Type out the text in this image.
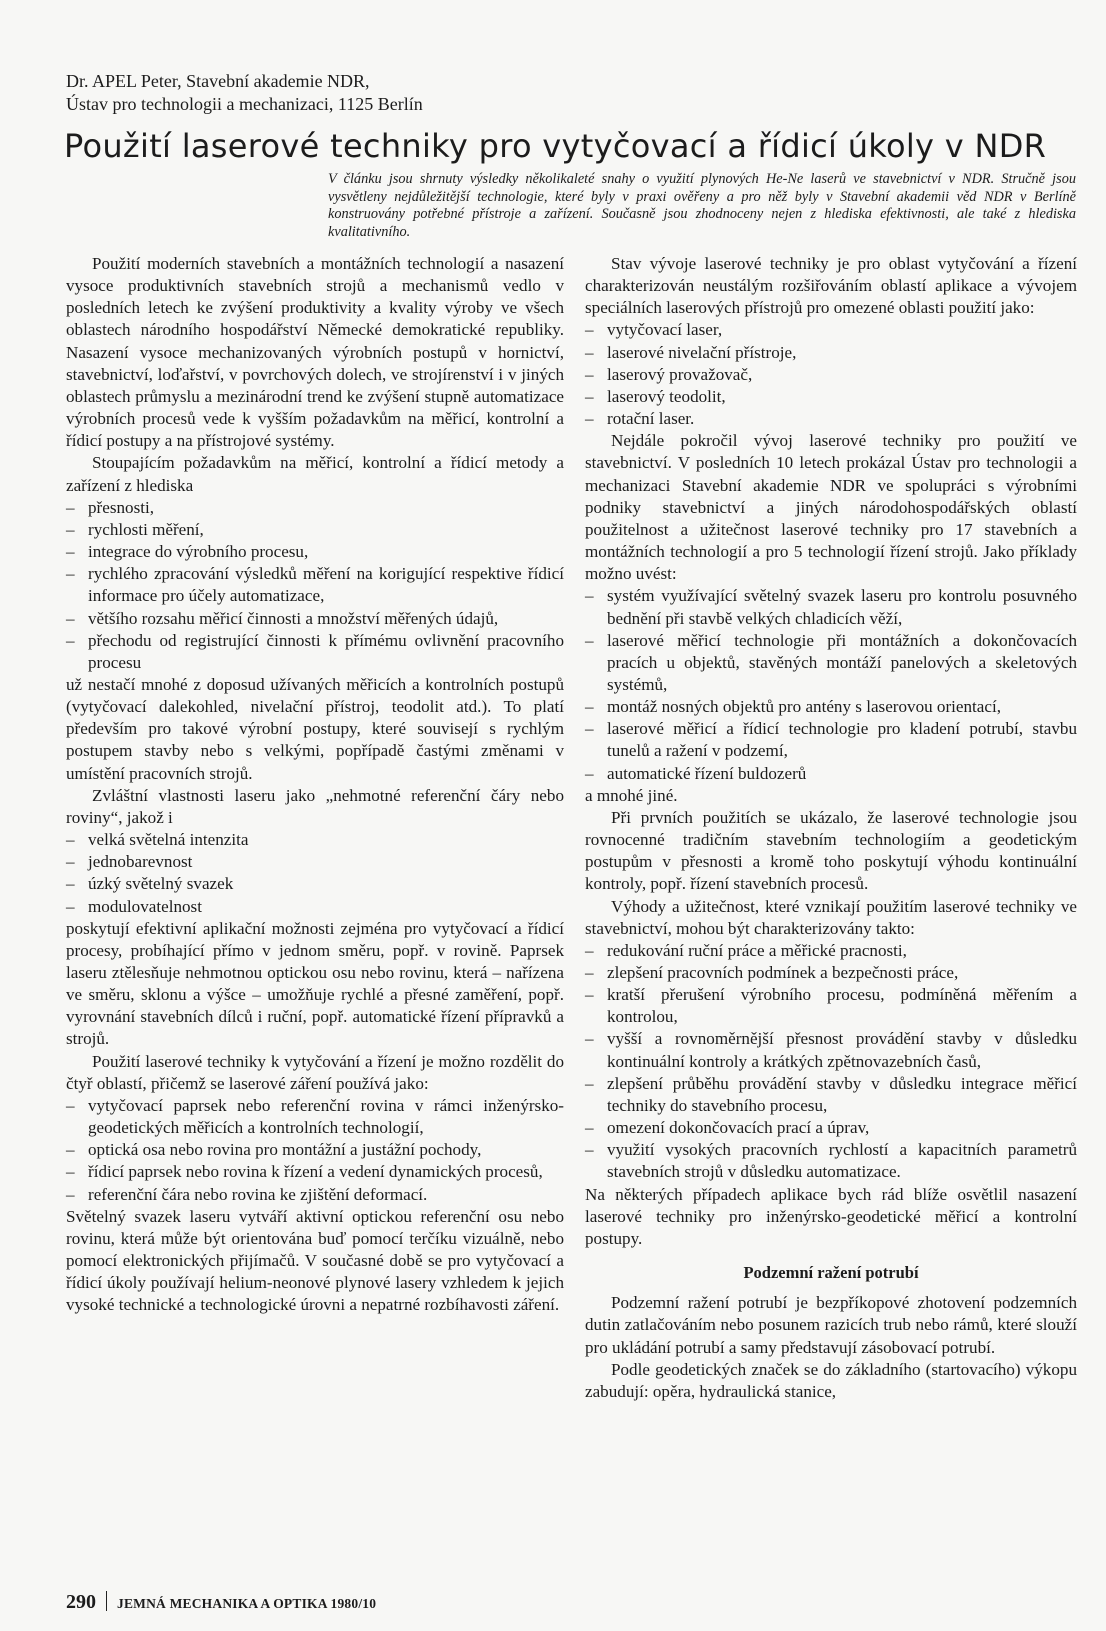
Dr. APEL Peter, Stavební akademie NDR,
Ústav pro technologii a mechanizaci, 1125 Berlín
Použití laserové techniky pro vytyčovací a řídicí úkoly v NDR
V článku jsou shrnuty výsledky několikaleté snahy o využití plynových He-Ne laserů ve stavebnictví v NDR. Stručně jsou vysvětleny nejdůležitější technologie, které byly v praxi ověřeny a pro něž byly v Stavební akademii věd NDR v Berlíně konstruovány potřebné přístroje a zařízení. Současně jsou zhodnoceny nejen z hlediska efektivnosti, ale také z hlediska kvalitativního.

Použití moderních stavebních a montážních technologií a nasazení vysoce produktivních stavebních strojů a mechanismů vedlo v posledních letech ke zvýšení produktivity a kvality výroby ve všech oblastech národního hospodářství Německé demokratické republiky. Nasazení vysoce mechanizovaných výrobních postupů v hornictví, stavebnictví, loďařství, v povrchových dolech, ve strojírenství i v jiných oblastech průmyslu a mezinárodní trend ke zvýšení stupně automatizace výrobních procesů vede k vyšším požadavkům na měřicí, kontrolní a řídicí postupy a na přístrojové systémy.

Stoupajícím požadavkům na měřicí, kontrolní a řídicí metody a zařízení z hlediska

– přesnosti,
– rychlosti měření,
– integrace do výrobního procesu,
– rychlého zpracování výsledků měření na korigující respektive řídicí informace pro účely automatizace,
– většího rozsahu měřicí činnosti a množství měřených údajů,
– přechodu od registrující činnosti k přímému ovlivnění pracovního procesu

už nestačí mnohé z doposud užívaných měřicích a kontrolních postupů (vytyčovací dalekohled, nivelační přístroj, teodolit atd.). To platí především pro takové výrobní postupy, které souvisejí s rychlým postupem stavby nebo s velkými, popřípadě častými změnami v umístění pracovních strojů.

Zvláštní vlastnosti laseru jako „nehmotné referenční čáry nebo roviny“, jakož i

– velká světelná intenzita
– jednobarevnost
– úzký světelný svazek
– modulovatelnost

poskytují efektivní aplikační možnosti zejména pro vytyčovací a řídicí procesy, probíhající přímo v jednom směru, popř. v rovině. Paprsek laseru ztělesňuje nehmotnou optickou osu nebo rovinu, která – nařízena ve směru, sklonu a výšce – umožňuje rychlé a přesné zaměření, popř. vyrovnání stavebních dílců i ruční, popř. automatické řízení přípravků a strojů.

Použití laserové techniky k vytyčování a řízení je možno rozdělit do čtyř oblastí, přičemž se laserové záření používá jako:

– vytyčovací paprsek nebo referenční rovina v rámci inženýrsko-geodetických měřicích a kontrolních technologií,
– optická osa nebo rovina pro montážní a justážní pochody,
– řídicí paprsek nebo rovina k řízení a vedení dynamických procesů,
– referenční čára nebo rovina ke zjištění deformací.

Světelný svazek laseru vytváří aktivní optickou referenční osu nebo rovinu, která může být orientována buď pomocí terčíku vizuálně, nebo pomocí elektronických přijímačů. V současné době se pro vytyčovací a řídicí úkoly používají helium-neonové plynové lasery vzhledem k jejich vysoké technické a technologické úrovni a nepatrné rozbíhavosti záření.

Stav vývoje laserové techniky je pro oblast vytyčování a řízení charakterizován neustálým rozšiřováním oblastí aplikace a vývojem speciálních laserových přístrojů pro omezené oblasti použití jako:

– vytyčovací laser,
– laserové nivelační přístroje,
– laserový provažovač,
– laserový teodolit,
– rotační laser.

Nejdále pokročil vývoj laserové techniky pro použití ve stavebnictví. V posledních 10 letech prokázal Ústav pro technologii a mechanizaci Stavební akademie NDR ve spolupráci s výrobními podniky stavebnictví a jiných národohospodářských oblastí použitelnost a užitečnost laserové techniky pro 17 stavebních a montážních technologií a pro 5 technologií řízení strojů. Jako příklady možno uvést:

– systém využívající světelný svazek laseru pro kontrolu posuvného bednění při stavbě velkých chladicích věží,
– laserové měřicí technologie při montážních a dokončovacích pracích u objektů, stavěných montáží panelových a skeletových systémů,
– montáž nosných objektů pro antény s laserovou orientací,
– laserové měřicí a řídicí technologie pro kladení potrubí, stavbu tunelů a ražení v podzemí,
– automatické řízení buldozerů

a mnohé jiné.

Při prvních použitích se ukázalo, že laserové technologie jsou rovnocenné tradičním stavebním technologiím a geodetickým postupům v přesnosti a kromě toho poskytují výhodu kontinuální kontroly, popř. řízení stavebních procesů.

Výhody a užitečnost, které vznikají použitím laserové techniky ve stavebnictví, mohou být charakterizovány takto:

– redukování ruční práce a měřické pracnosti,
– zlepšení pracovních podmínek a bezpečnosti práce,
– kratší přerušení výrobního procesu, podmíněná měřením a kontrolou,
– vyšší a rovnoměrnější přesnost provádění stavby v důsledku kontinuální kontroly a krátkých zpětnovazebních časů,
– zlepšení průběhu provádění stavby v důsledku integrace měřicí techniky do stavebního procesu,
– omezení dokončovacích prací a úprav,
– využití vysokých pracovních rychlostí a kapacitních parametrů stavebních strojů v důsledku automatizace.

Na některých případech aplikace bych rád blíže osvětlil nasazení laserové techniky pro inženýrsko-geodetické měřicí a kontrolní postupy.

Podzemní ražení potrubí

Podzemní ražení potrubí je bezpříkopové zhotovení podzemních dutin zatlačováním nebo posunem razicích trub nebo rámů, které slouží pro ukládání potrubí a samy představují zásobovací potrubí.

Podle geodetických značek se do základního (startovacího) výkopu zabudují: opěra, hydraulická stanice,

290 JEMNÁ MECHANIKA A OPTIKA 1980/10
